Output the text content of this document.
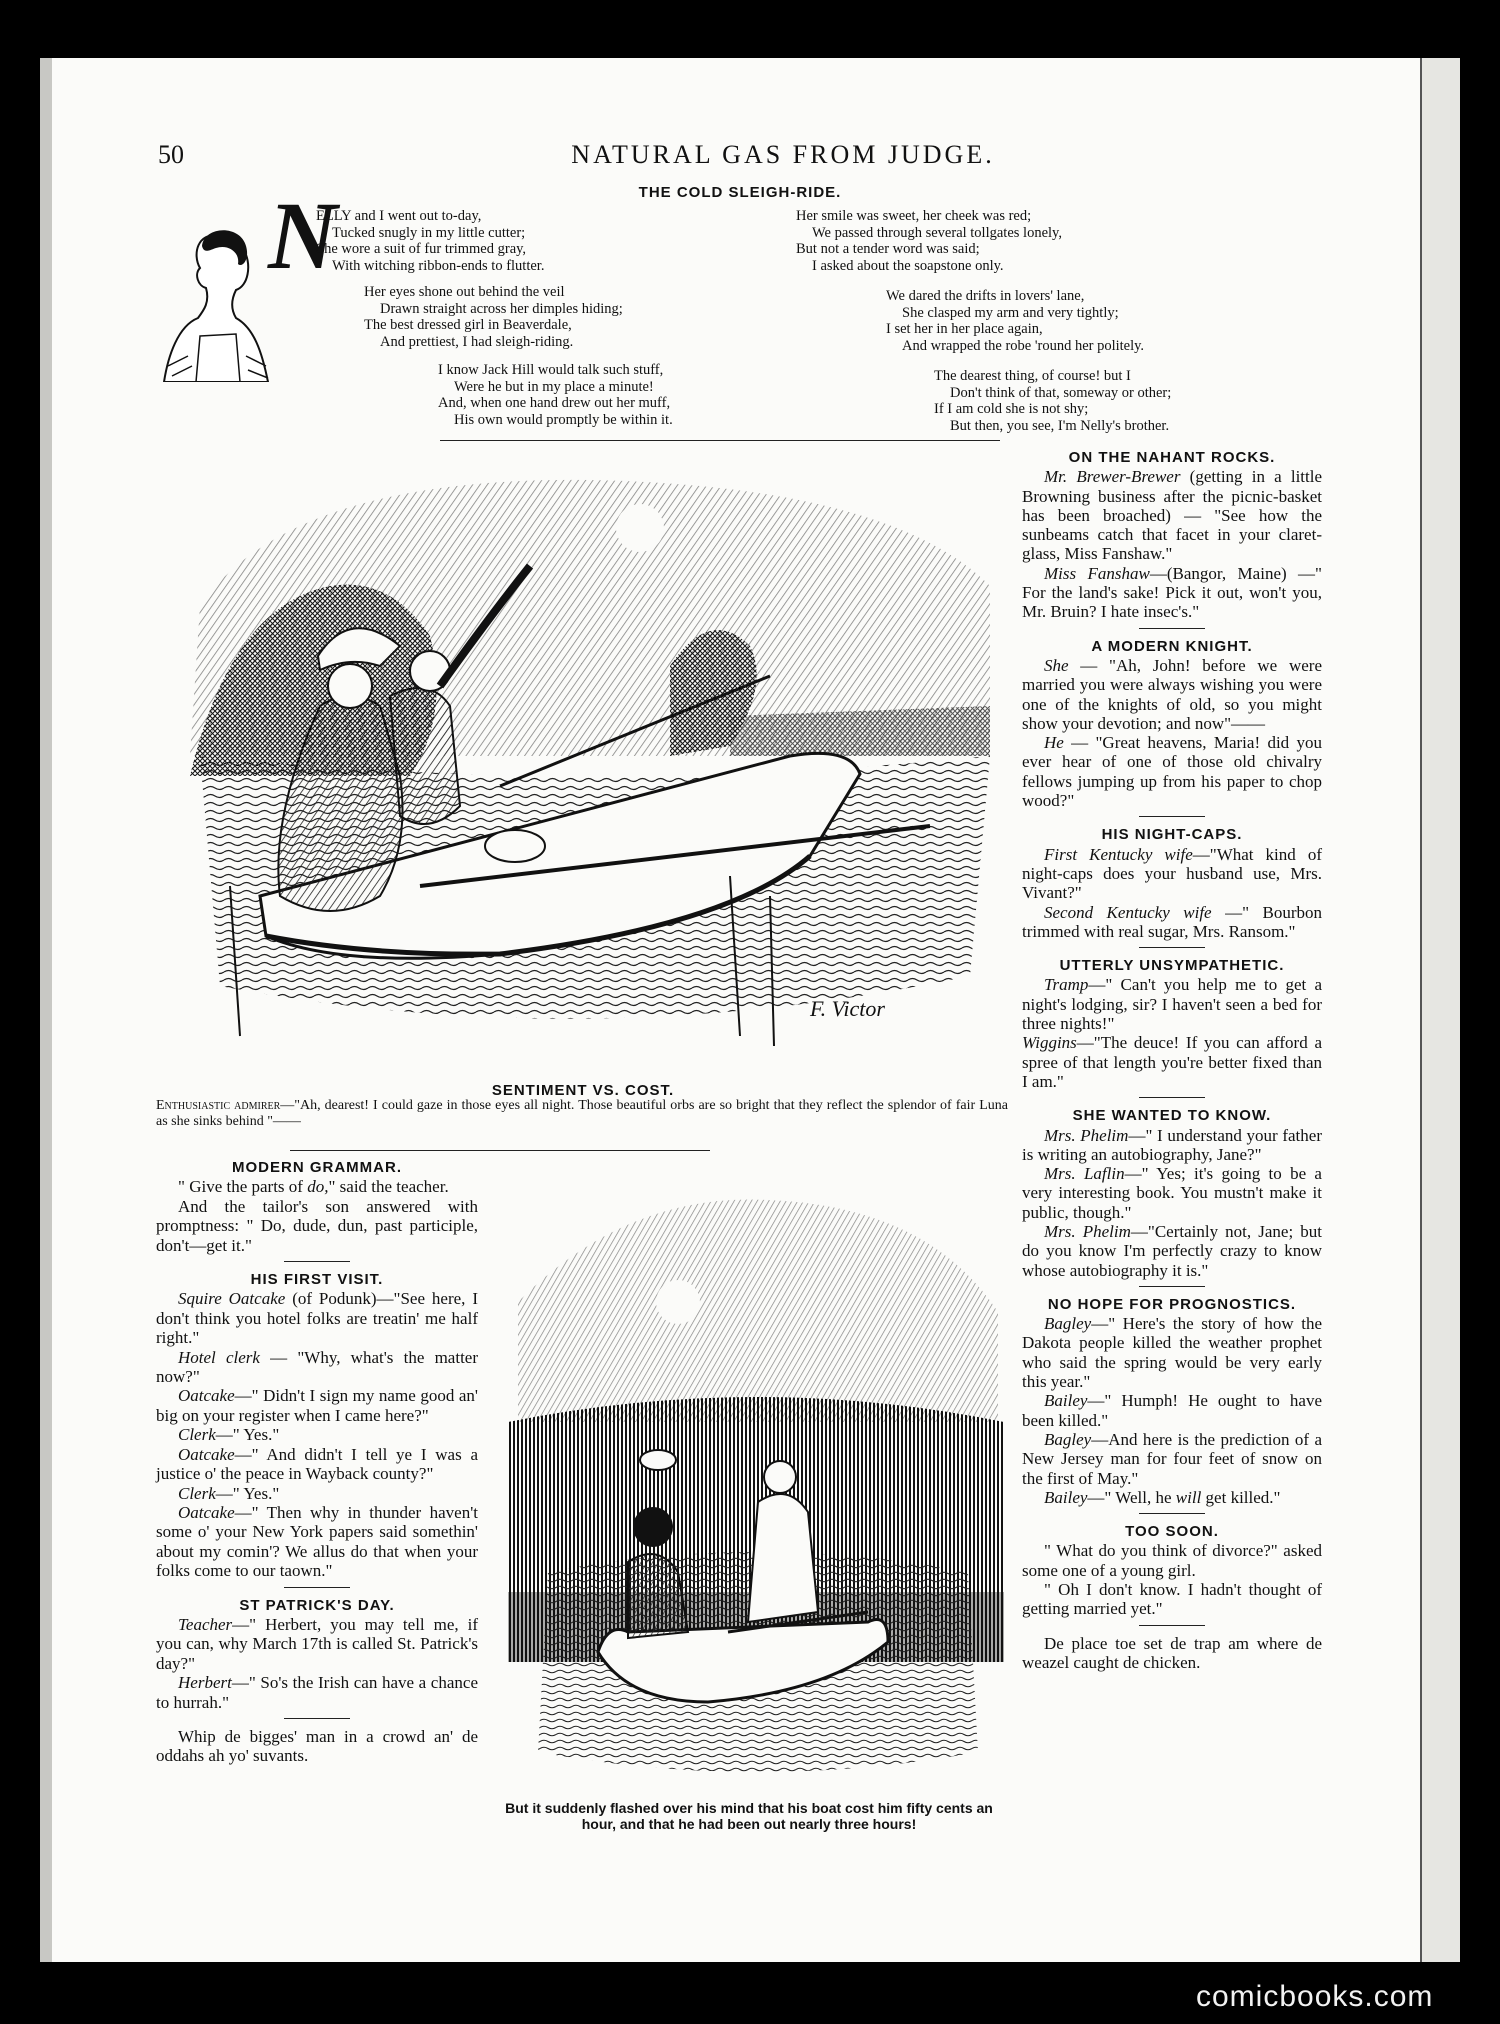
50	NATURAL GAS FROM JUDGE.
THE COLD SLEIGH-RIDE.
N
ELLY and I went out to-day,
Tucked snugly in my little cutter;
She wore a suit of fur trimmed gray,
With witching ribbon-ends to flutter.
Her eyes shone out behind the veil
Drawn straight across her dimples hiding;
The best dressed girl in Beaverdale,
And prettiest, I had sleigh-riding.
I know Jack Hill would talk such stuff,
Were he but in my place a minute!
And, when one hand drew out her muff,
His own would promptly be within it.
Her smile was sweet, her cheek was red;
We passed through several tollgates lonely,
But not a tender word was said;
I asked about the soapstone only.
We dared the drifts in lovers' lane,
She clasped my arm and very tightly;
I set her in her place again,
And wrapped the robe 'round her politely.
The dearest thing, of course! but I
Don't think of that, someway or other;
If I am cold she is not shy;
But then, you see, I'm Nelly's brother.
F. Victor
SENTIMENT VS. COST.
Enthusiastic admirer—"Ah, dearest! I could gaze in those eyes all night. Those beautiful orbs are so bright that they reflect the splendor of fair Luna as she sinks behind "——
But it suddenly flashed over his mind that his boat cost him fifty cents an hour, and that he had been out nearly three hours!
ON THE NAHANT ROCKS.

Mr. Brewer-Brewer (getting in a little Browning business after the picnic-basket has been broached) — "See how the sunbeams catch that facet in your claret-glass, Miss Fanshaw."

Miss Fanshaw—(Bangor, Maine) —" For the land's sake! Pick it out, won't you, Mr. Bruin? I hate insec's."

A MODERN KNIGHT.

She — "Ah, John! before we were married you were always wishing you were one of the knights of old, so you might show your devotion; and now"——

He — "Great heavens, Maria! did you ever hear of one of those old chivalry fellows jumping up from his paper to chop wood?"

HIS NIGHT-CAPS.

First Kentucky wife—"What kind of night-caps does your husband use, Mrs. Vivant?"

Second Kentucky wife —" Bourbon trimmed with real sugar, Mrs. Ransom."

UTTERLY UNSYMPATHETIC.

Tramp—" Can't you help me to get a night's lodging, sir? I haven't seen a bed for three nights!"

Wiggins—"The deuce! If you can afford a spree of that length you're better fixed than I am."

SHE WANTED TO KNOW.

Mrs. Phelim—" I understand your father is writing an autobiography, Jane?"

Mrs. Laflin—" Yes; it's going to be a very interesting book. You mustn't make it public, though."

Mrs. Phelim—"Certainly not, Jane; but do you know I'm perfectly crazy to know whose autobiography it is."

NO HOPE FOR PROGNOSTICS.

Bagley—" Here's the story of how the Dakota people killed the weather prophet who said the spring would be very early this year."

Bailey—" Humph! He ought to have been killed."

Bagley—And here is the prediction of a New Jersey man for four feet of snow on the first of May."

Bailey—" Well, he will get killed."

TOO SOON.

" What do you think of divorce?" asked some one of a young girl.

" Oh I don't know. I hadn't thought of getting married yet."

De place toe set de trap am where de weazel caught de chicken.

MODERN GRAMMAR.

" Give the parts of do," said the teacher.

And the tailor's son answered with promptness: " Do, dude, dun, past participle, don't—get it."

HIS FIRST VISIT.

Squire Oatcake (of Podunk)—"See here, I don't think you hotel folks are treatin' me half right."

Hotel clerk — "Why, what's the matter now?"

Oatcake—" Didn't I sign my name good an' big on your register when I came here?"

Clerk—" Yes."

Oatcake—" And didn't I tell ye I was a justice o' the peace in Wayback county?"

Clerk—" Yes."

Oatcake—" Then why in thunder haven't some o' your New York papers said somethin' about my comin'? We allus do that when your folks come to our taown."

ST PATRICK'S DAY.

Teacher—" Herbert, you may tell me, if you can, why March 17th is called St. Patrick's day?"

Herbert—" So's the Irish can have a chance to hurrah."

Whip de bigges' man in a crowd an' de oddahs ah yo' suvants.

comicbooks.com
